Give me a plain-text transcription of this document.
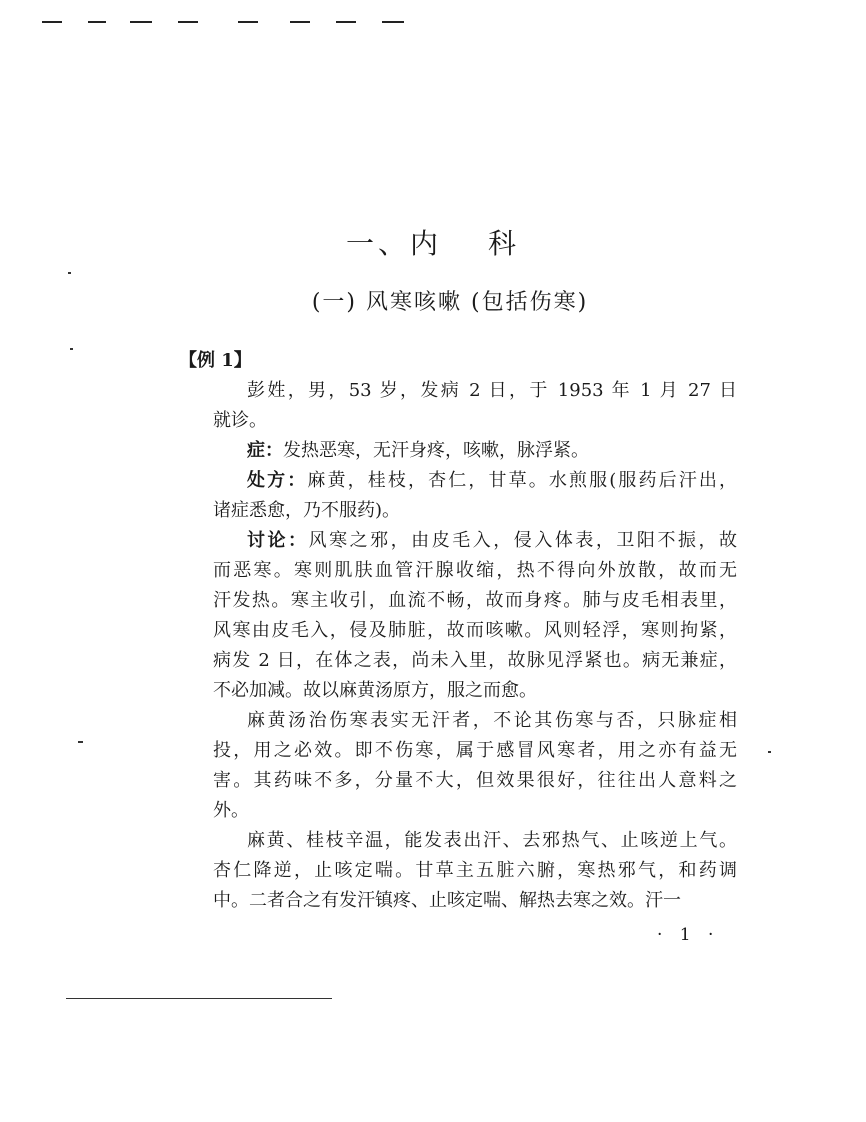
一、内 科
(一) 风寒咳嗽 (包括伤寒)
【例 1】
彭姓，男，53 岁，发病 2 日，于 1953 年 1 月 27 日
就诊。
症：发热恶寒，无汗身疼，咳嗽，脉浮紧。
处方：麻黄，桂枝，杏仁，甘草。水煎服(服药后汗出，
诸症悉愈，乃不服药)。
讨论：风寒之邪，由皮毛入，侵入体表，卫阳不振，故
而恶寒。寒则肌肤血管汗腺收缩，热不得向外放散，故而无
汗发热。寒主收引，血流不畅，故而身疼。肺与皮毛相表里，
风寒由皮毛入，侵及肺脏，故而咳嗽。风则轻浮，寒则拘紧，
病发 2 日，在体之表，尚未入里，故脉见浮紧也。病无兼症，
不必加减。故以麻黄汤原方，服之而愈。
麻黄汤治伤寒表实无汗者，不论其伤寒与否，只脉症相
投，用之必效。即不伤寒，属于感冒风寒者，用之亦有益无
害。其药味不多，分量不大，但效果很好，往往出人意料之
外。
麻黄、桂枝辛温，能发表出汗、去邪热气、止咳逆上气。
杏仁降逆，止咳定喘。甘草主五脏六腑，寒热邪气，和药调
中。二者合之有发汗镇疼、止咳定喘、解热去寒之效。汗一
· 1 ·
